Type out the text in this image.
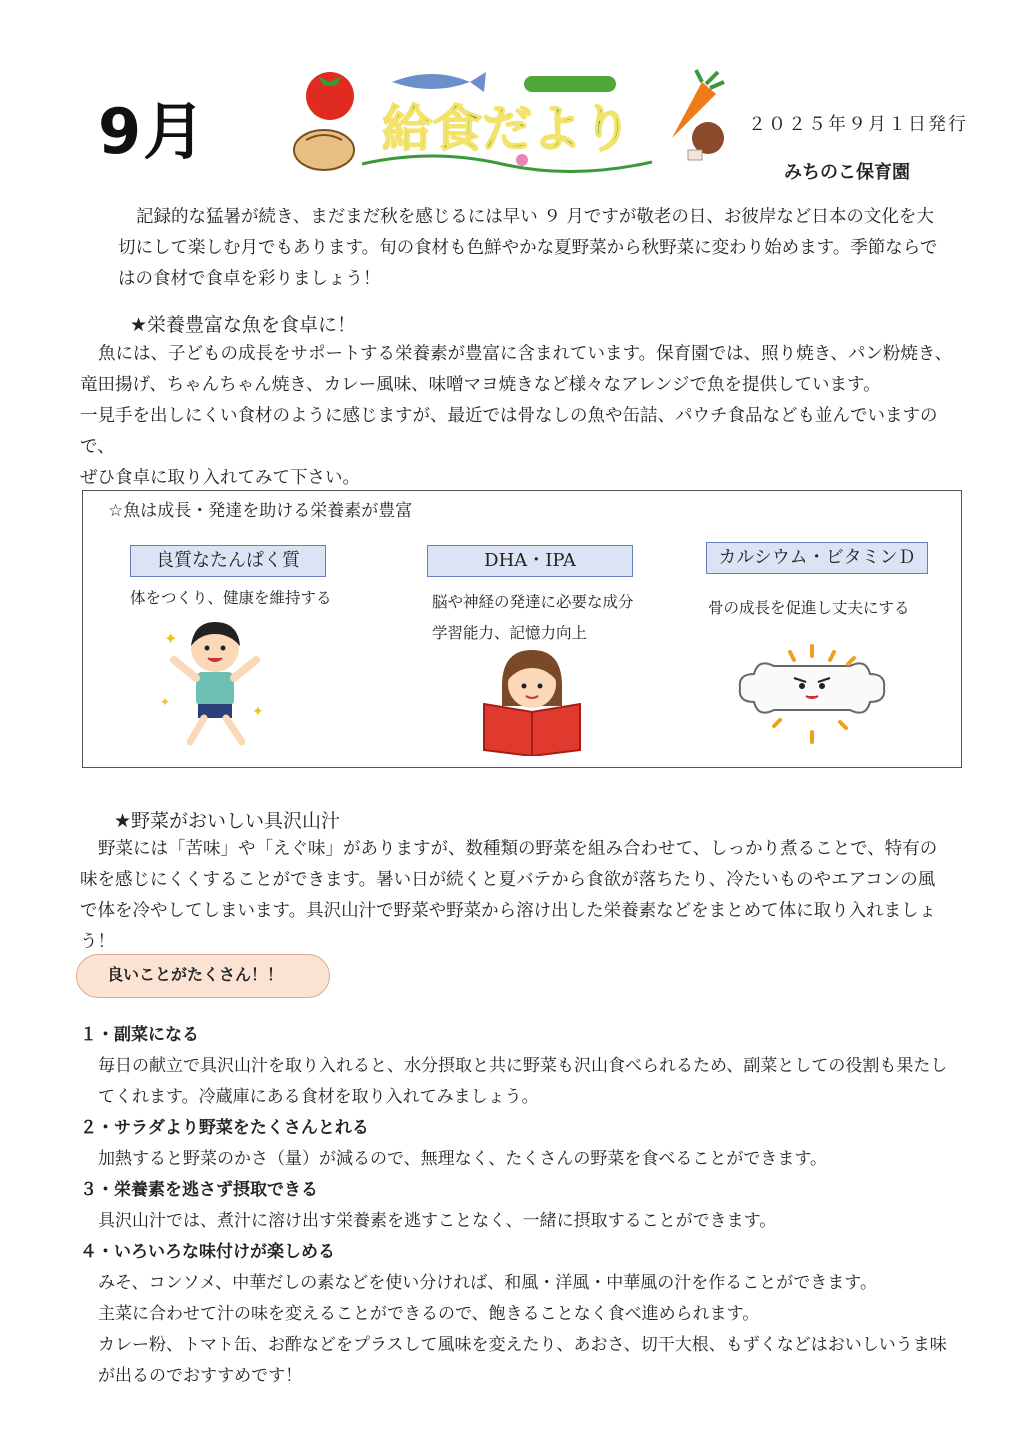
9月	給食だより	２０２５年９月１日発行
みちのこ保育園
記録的な猛暑が続き、まだまだ秋を感じるには早い ９ 月ですが敬老の日、お彼岸など日本の文化を大
切にして楽しむ月でもあります。旬の食材も色鮮やかな夏野菜から秋野菜に変わり始めます。季節ならで
はの食材で食卓を彩りましょう！
★栄養豊富な魚を食卓に！
魚には、子どもの成長をサポートする栄養素が豊富に含まれています。保育園では、照り焼き、パン粉焼き、
竜田揚げ、ちゃんちゃん焼き、カレー風味、味噌マヨ焼きなど様々なアレンジで魚を提供しています。
一見手を出しにくい食材のように感じますが、最近では骨なしの魚や缶詰、パウチ食品なども並んでいますので、
ぜひ食卓に取り入れてみて下さい。
☆魚は成長・発達を助ける栄養素が豊富
良質なたんぱく質
体をつくり、健康を維持する
DHA・IPA
脳や神経の発達に必要な成分
学習能力、記憶力向上
カルシウム・ビタミンＤ
骨の成長を促進し丈夫にする
✦
✦
✦
★野菜がおいしい具沢山汁
野菜には「苦味」や「えぐ味」がありますが、数種類の野菜を組み合わせて、しっかり煮ることで、特有の
味を感じにくくすることができます。暑い日が続くと夏バテから食欲が落ちたり、冷たいものやエアコンの風
で体を冷やしてしまいます。具沢山汁で野菜や野菜から溶け出した栄養素などをまとめて体に取り入れましょ
う！
良いことがたくさん！！
１・副菜になる
毎日の献立で具沢山汁を取り入れると、水分摂取と共に野菜も沢山食べられるため、副菜としての役割も果たし
てくれます。冷蔵庫にある食材を取り入れてみましょう。
２・サラダより野菜をたくさんとれる
加熱すると野菜のかさ（量）が減るので、無理なく、たくさんの野菜を食べることができます。
３・栄養素を逃さず摂取できる
具沢山汁では、煮汁に溶け出す栄養素を逃すことなく、一緒に摂取することができます。
４・いろいろな味付けが楽しめる
みそ、コンソメ、中華だしの素などを使い分ければ、和風・洋風・中華風の汁を作ることができます。
主菜に合わせて汁の味を変えることができるので、飽きることなく食べ進められます。
カレー粉、トマト缶、お酢などをプラスして風味を変えたり、あおさ、切干大根、もずくなどはおいしいうま味
が出るのでおすすめです！
